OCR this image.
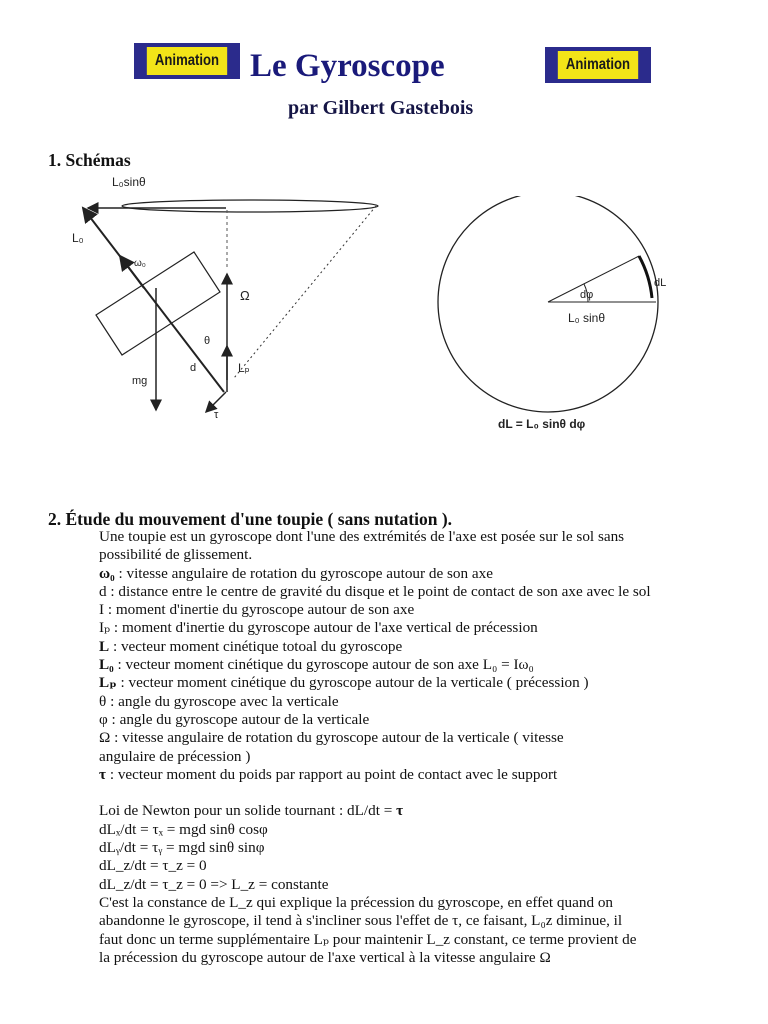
Animation Le Gyroscope	Animation
par Gilbert Gastebois
1. Schémas
L₀sinθ
L₀
ω₀
Ω
θ
Lₚ
mg
d
τ
dL
dφ
L₀ sinθ
dL = L₀ sinθ dφ
2. Étude du mouvement d'une toupie ( sans nutation ).

Une toupie est un gyroscope dont l'une des extrémités de l'axe est posée sur le sol sans

possibilité de glissement.

ω₀ : vitesse angulaire de rotation du gyroscope autour de son axe

d : distance entre le centre de gravité du disque et le point de contact de son axe avec le sol

I : moment d'inertie du gyroscope autour de son axe

Iₚ : moment d'inertie du gyroscope autour de l'axe vertical de précession

L : vecteur moment cinétique totoal du gyroscope

L₀ : vecteur moment cinétique du gyroscope autour de son axe L₀ = Iω₀

Lₚ : vecteur moment cinétique du gyroscope autour de la verticale ( précession )

θ : angle du gyroscope avec la verticale

φ : angle du gyroscope autour de la verticale

Ω : vitesse angulaire de rotation du gyroscope autour de la verticale ( vitesse

angulaire de précession )

τ : vecteur moment du poids par rapport au point de contact avec le support

Loi de Newton pour un solide tournant : dL/dt = τ

dLₓ/dt = τₓ = mgd sinθ cosφ

dLᵧ/dt = τᵧ = mgd sinθ sinφ

dL_z/dt = τ_z = 0

dL_z/dt = τ_z = 0 => L_z = constante

C'est la constance de L_z qui explique la précession du gyroscope, en effet quand on

abandonne le gyroscope, il tend à s'incliner sous l'effet de τ, ce faisant, L₀z diminue, il

faut donc un terme supplémentaire Lₚ pour maintenir L_z constant, ce terme provient de

la précession du gyroscope autour de l'axe vertical à la vitesse angulaire Ω
